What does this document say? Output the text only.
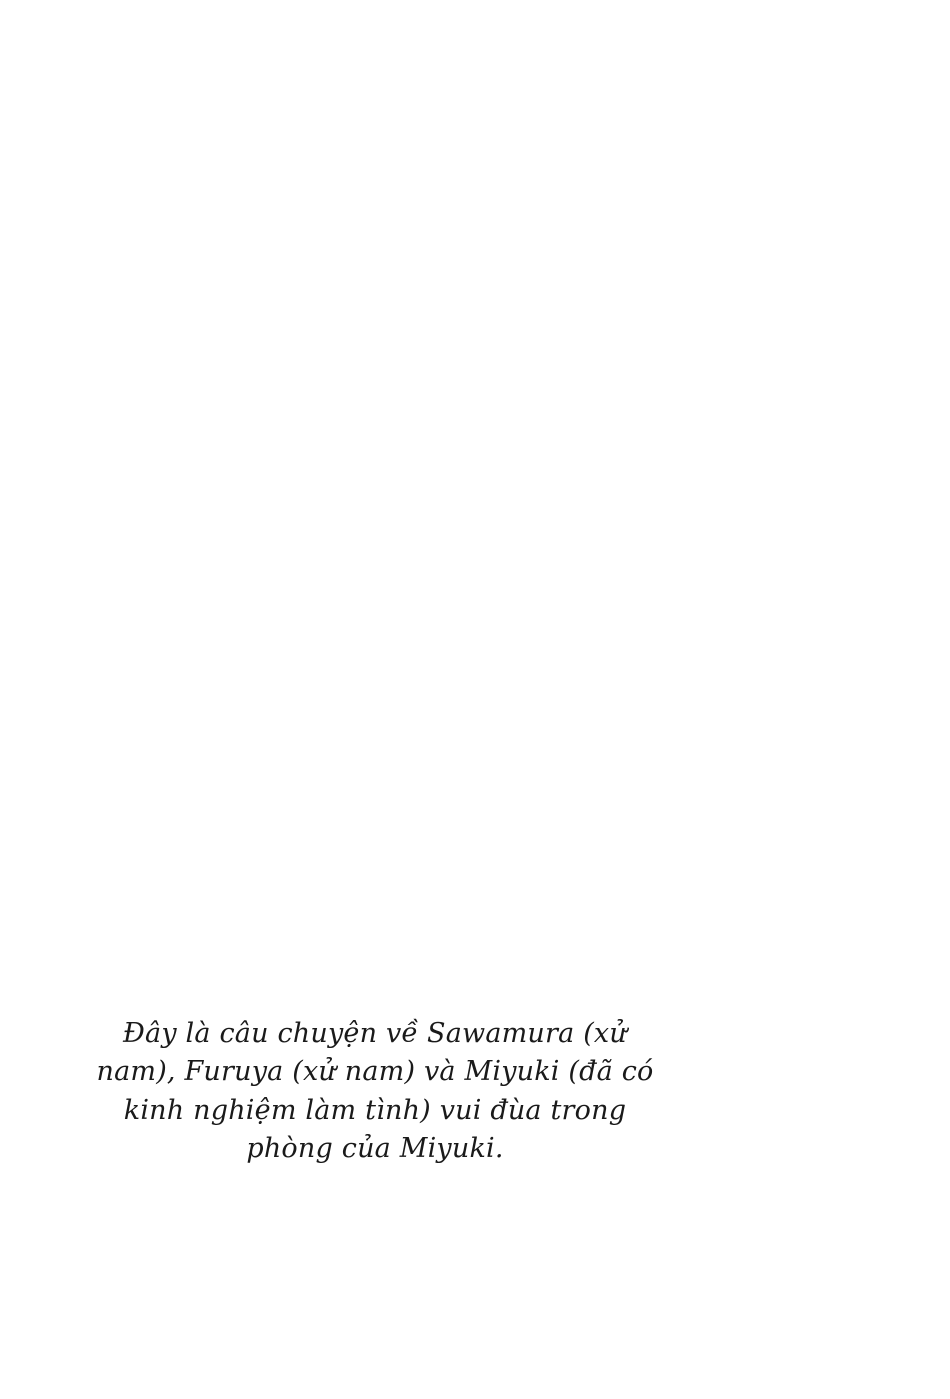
Đây là câu chuyện về Sawamura (xử nam), Furuya (xử nam) và Miyuki (đã có kinh nghiệm làm tình) vui đùa trong phòng của Miyuki.
